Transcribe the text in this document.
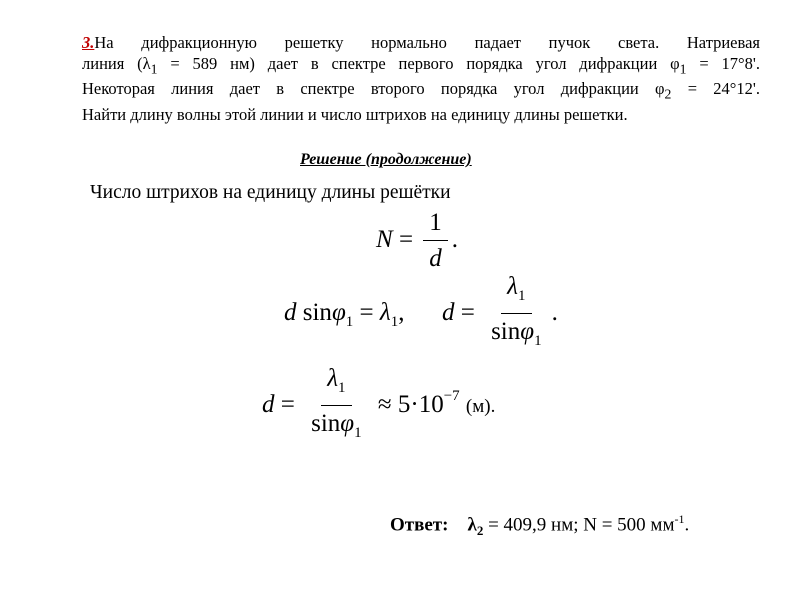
3.На дифракционную решетку нормально падает пучок света. Натриевая
линия ($\lambda_1 = 589$ нм) дает в спектре первого порядка угол дифракции $\varphi_1 = 17^\circ 8'$.
Некоторая линия дает в спектре второго порядка угол дифракции $\varphi_2 = 24^\circ 12'$.
Найти длину волны этой линии и число штрихов на единицу длины решетки.
Решение (продолжение)
Число штрихов на единицу длины решётки
$N = \frac{1}{d}$ .
d $\sin\varphi_1 = \lambda_1$, $d = \frac{\lambda_1}{\sin\varphi_1}$ .
$d = \frac{\lambda_1}{\sin\varphi_1} \approx 5\cdot 10^{-7}$ (м).
Ответ: $\lambda_2 = 409,9$ нм; N = 500 $мм^{-1}$.
